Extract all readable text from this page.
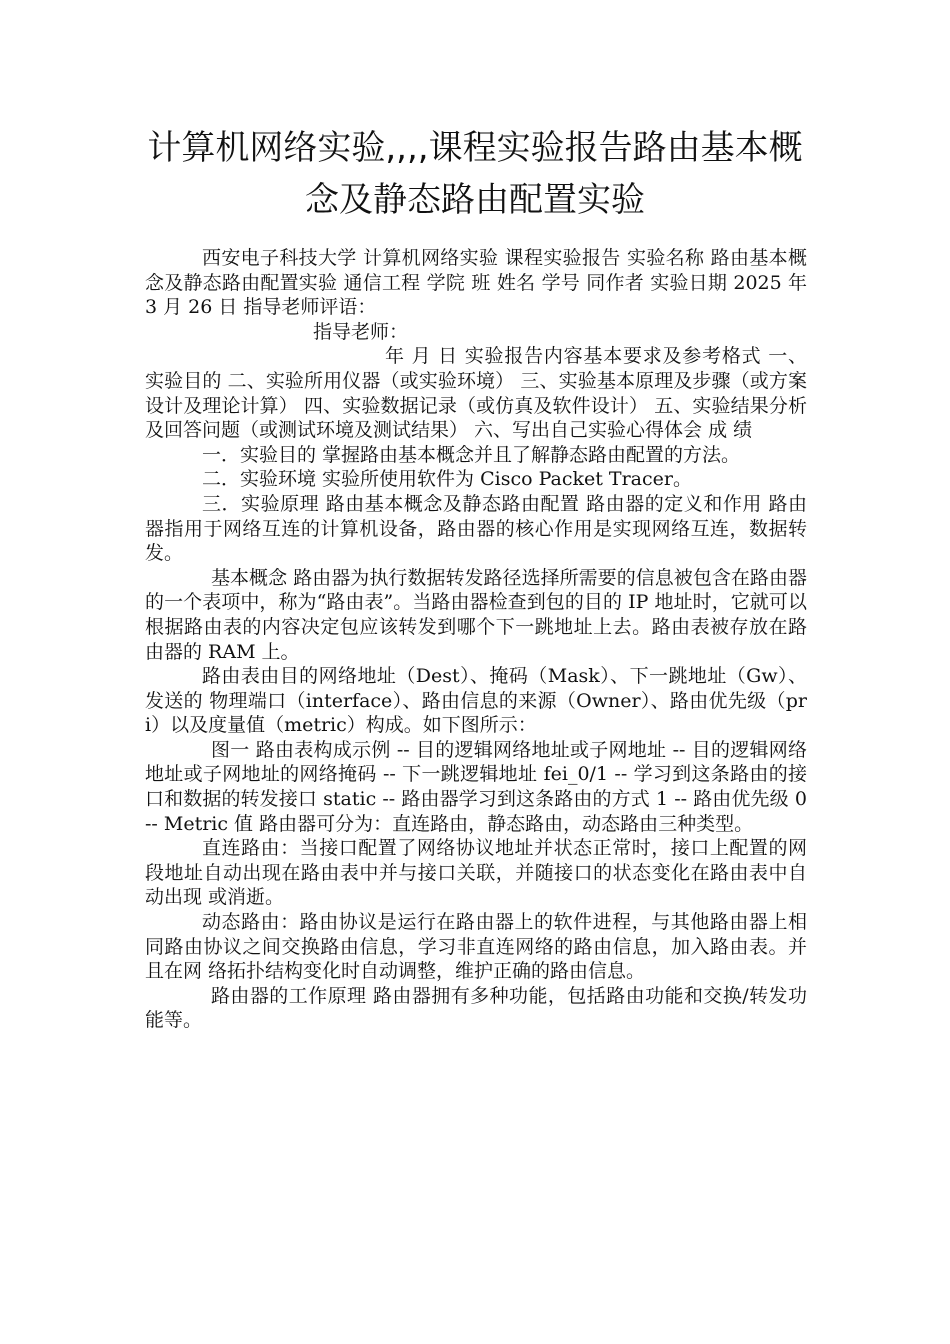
计算机网络实验,,,,课程实验报告路由基本概念及静态路由配置实验

西安电子科技大学 计算机网络实验 课程实验报告 实验名称 路由基本概念及静态路由配置实验 通信工程 学院 班 姓名 学号 同作者 实验日期 2025 年 3 月 26 日 指导老师评语：

指导老师：

年 月 日 实验报告内容基本要求及参考格式 一、实验目的 二、实验所用仪器（或实验环境） 三、实验基本原理及步骤（或方案设计及理论计算） 四、实验数据记录（或仿真及软件设计） 五、实验结果分析及回答问题（或测试环境及测试结果） 六、写出自己实验心得体会 成 绩

一．实验目的 掌握路由基本概念并且了解静态路由配置的方法。

二．实验环境 实验所使用软件为 Cisco Packet Tracer。

三．实验原理 路由基本概念及静态路由配置 路由器的定义和作用 路由器指用于网络互连的计算机设备，路由器的核心作用是实现网络互连，数据转发。

基本概念 路由器为执行数据转发路径选择所需要的信息被包含在路由器的一个表项中，称为“路由表”。当路由器检查到包的目的 IP 地址时，它就可以根据路由表的内容决定包应该转发到哪个下一跳地址上去。路由表被存放在路由器的 RAM 上。

路由表由目的网络地址（Dest）、掩码（Mask）、下一跳地址（Gw）、发送的 物理端口（interface）、路由信息的来源（Owner）、路由优先级（pri）以及度量值（metric）构成。如下图所示：

图一 路由表构成示例 -- 目的逻辑网络地址或子网地址 -- 目的逻辑网络地址或子网地址的网络掩码 -- 下一跳逻辑地址 fei_0/1 -- 学习到这条路由的接口和数据的转发接口 static -- 路由器学习到这条路由的方式 1 -- 路由优先级 0 -- Metric 值 路由器可分为：直连路由，静态路由，动态路由三种类型。

直连路由：当接口配置了网络协议地址并状态正常时，接口上配置的网段地址自动出现在路由表中并与接口关联，并随接口的状态变化在路由表中自动出现 或消逝。

动态路由：路由协议是运行在路由器上的软件进程，与其他路由器上相同路由协议之间交换路由信息，学习非直连网络的路由信息，加入路由表。并且在网 络拓扑结构变化时自动调整，维护正确的路由信息。

路由器的工作原理 路由器拥有多种功能，包括路由功能和交换/转发功能等。
